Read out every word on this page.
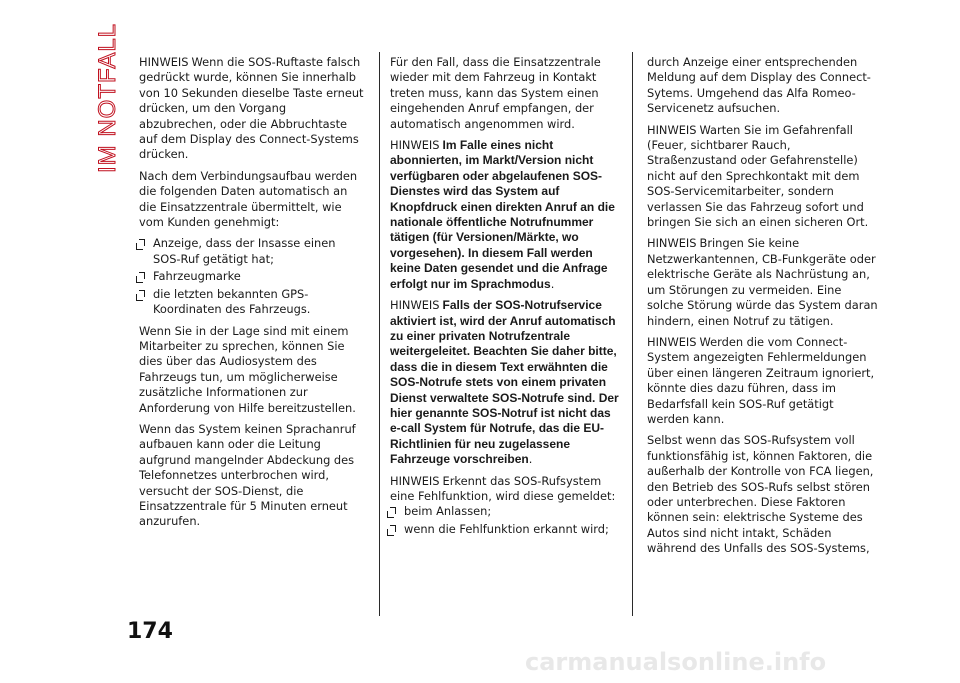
IM NOTFALL HINWEIS Wenn die SOS-Ruftaste falsch gedrückt wurde, können Sie innerhalb von 10 Sekunden dieselbe Taste erneut drücken, um den Vorgang abzubrechen, oder die Abbruchtaste auf dem Display des Connect-Systems drücken.

Nach dem Verbindungsaufbau werden die folgenden Daten automatisch an die Einsatzzentrale übermittelt, wie vom Kunden genehmigt:

Anzeige, dass der Insasse einen SOS-Ruf getätigt hat;
Fahrzeugmarke
die letzten bekannten GPS-Koordinaten des Fahrzeugs.

Wenn Sie in der Lage sind mit einem Mitarbeiter zu sprechen, können Sie dies über das Audiosystem des Fahrzeugs tun, um möglicherweise zusätzliche Informationen zur Anforderung von Hilfe bereitzustellen.

Wenn das System keinen Sprachanruf aufbauen kann oder die Leitung aufgrund mangelnder Abdeckung des Telefonnetzes unterbrochen wird, versucht der SOS-Dienst, die Einsatzzentrale für 5 Minuten erneut anzurufen.

Für den Fall, dass die Einsatzzentrale wieder mit dem Fahrzeug in Kontakt treten muss, kann das System einen eingehenden Anruf empfangen, der automatisch angenommen wird.

HINWEIS Im Falle eines nicht abonnierten, im Markt/Version nicht verfügbaren oder abgelaufenen SOS-Dienstes wird das System auf Knopfdruck einen direkten Anruf an die nationale öffentliche Notrufnummer tätigen (für Versionen/Märkte, wo vorgesehen). In diesem Fall werden keine Daten gesendet und die Anfrage erfolgt nur im Sprachmodus.

HINWEIS Falls der SOS-Notrufservice aktiviert ist, wird der Anruf automatisch zu einer privaten Notrufzentrale weitergeleitet. Beachten Sie daher bitte, dass die in diesem Text erwähnten die SOS-Notrufe stets von einem privaten Dienst verwaltete SOS-Notrufe sind. Der hier genannte SOS-Notruf ist nicht das e-call System für Notrufe, das die EU-Richtlinien für neu zugelassene Fahrzeuge vorschreiben.

HINWEIS Erkennt das SOS-Rufsystem eine Fehlfunktion, wird diese gemeldet:

beim Anlassen;
wenn die Fehlfunktion erkannt wird;

durch Anzeige einer entsprechenden Meldung auf dem Display des Connect-Sytems. Umgehend das Alfa Romeo-Servicenetz aufsuchen.

HINWEIS Warten Sie im Gefahrenfall (Feuer, sichtbarer Rauch, Straßenzustand oder Gefahrenstelle) nicht auf den Sprechkontakt mit dem SOS-Servicemitarbeiter, sondern verlassen Sie das Fahrzeug sofort und bringen Sie sich an einen sicheren Ort.

HINWEIS Bringen Sie keine Netzwerkantennen, CB-Funkgeräte oder elektrische Geräte als Nachrüstung an, um Störungen zu vermeiden. Eine solche Störung würde das System daran hindern, einen Notruf zu tätigen.

HINWEIS Werden die vom Connect-System angezeigten Fehlermeldungen über einen längeren Zeitraum ignoriert, könnte dies dazu führen, dass im Bedarfsfall kein SOS-Ruf getätigt werden kann.

Selbst wenn das SOS-Rufsystem voll funktionsfähig ist, können Faktoren, die außerhalb der Kontrolle von FCA liegen, den Betrieb des SOS-Rufs selbst stören oder unterbrechen. Diese Faktoren können sein: elektrische Systeme des Autos sind nicht intakt, Schäden während des Unfalls des SOS-Systems,

174
carmanualsonline.info
